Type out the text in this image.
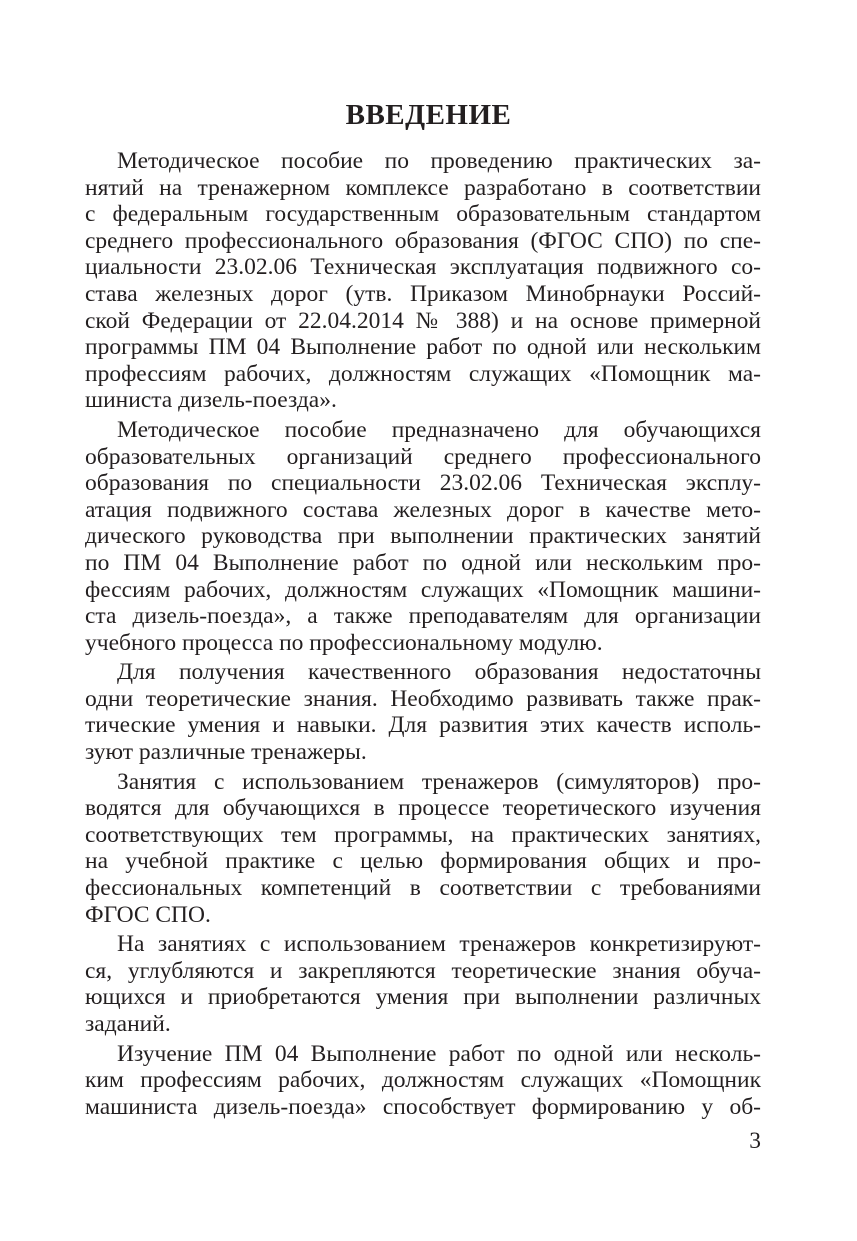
ВВЕДЕНИЕ
Методическое пособие по проведению практических за-
нятий на тренажерном комплексе разработано в соответствии
с федеральным государственным образовательным стандартом
среднего профессионального образования (ФГОС СПО) по спе-
циальности 23.02.06 Техническая эксплуатация подвижного со-
става железных дорог (утв. Приказом Минобрнауки Россий-
ской Федерации от 22.04.2014 № 388) и на основе примерной
программы ПМ 04 Выполнение работ по одной или нескольким
профессиям рабочих, должностям служащих «Помощник ма-
шиниста дизель-поезда».
Методическое пособие предназначено для обучающихся
образовательных организаций среднего профессионального
образования по специальности 23.02.06 Техническая эксплу-
атация подвижного состава железных дорог в качестве мето-
дического руководства при выполнении практических занятий
по ПМ 04 Выполнение работ по одной или нескольким про-
фессиям рабочих, должностям служащих «Помощник машини-
ста дизель-поезда», а также преподавателям для организации
учебного процесса по профессиональному модулю.
Для получения качественного образования недостаточны
одни теоретические знания. Необходимо развивать также прак-
тические умения и навыки. Для развития этих качеств исполь-
зуют различные тренажеры.
Занятия с использованием тренажеров (симуляторов) про-
водятся для обучающихся в процессе теоретического изучения
соответствующих тем программы, на практических занятиях,
на учебной практике с целью формирования общих и про-
фессиональных компетенций в соответствии с требованиями
ФГОС СПО.
На занятиях с использованием тренажеров конкретизируют-
ся, углубляются и закрепляются теоретические знания обуча-
ющихся и приобретаются умения при выполнении различных
заданий.
Изучение ПМ 04 Выполнение работ по одной или несколь-
ким профессиям рабочих, должностям служащих «Помощник
машиниста дизель-поезда» способствует формированию у об-

3
